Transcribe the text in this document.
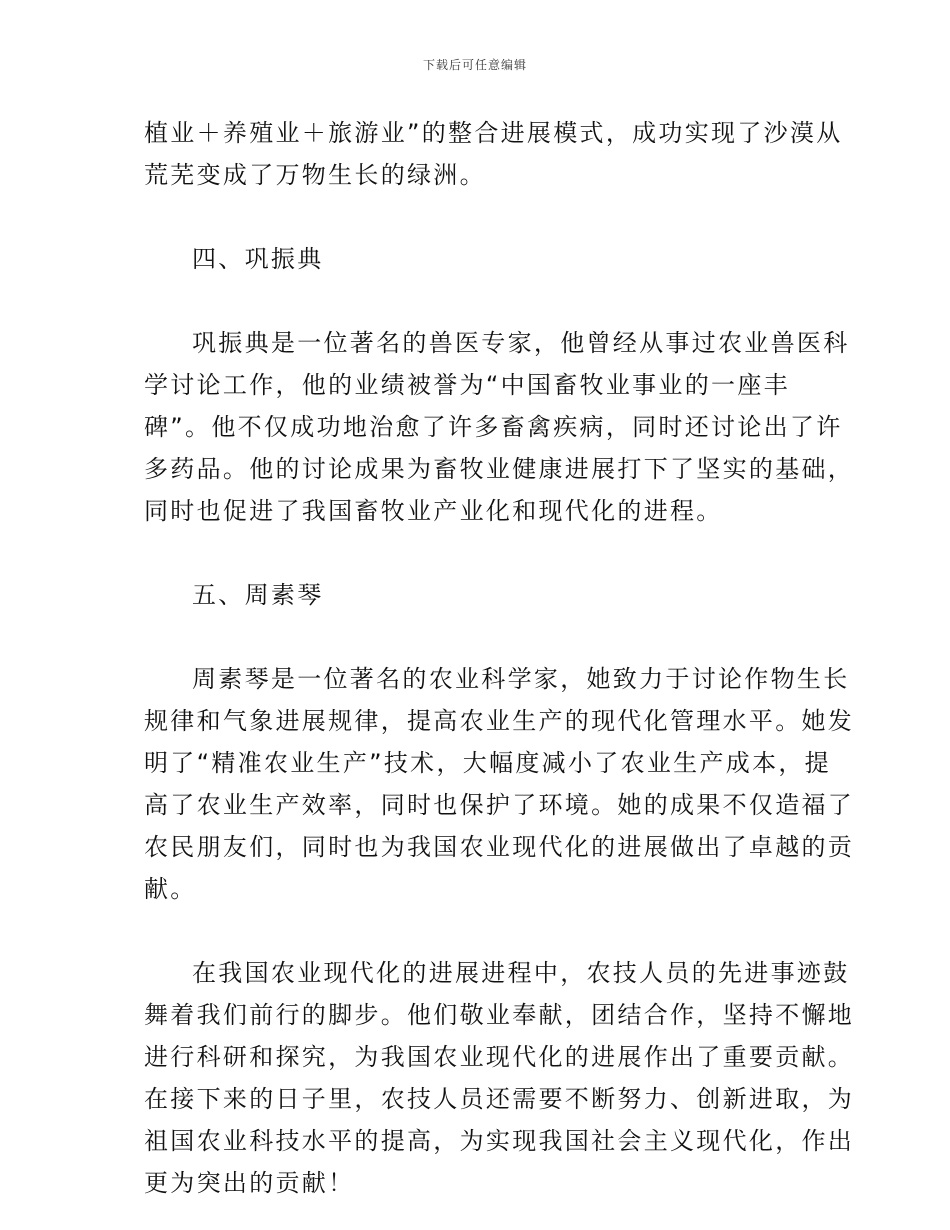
下载后可任意编辑
植业＋养殖业＋旅游业”的整合进展模式，成功实现了沙漠从
荒芜变成了万物生长的绿洲。
四、巩振典
巩振典是一位著名的兽医专家，他曾经从事过农业兽医科
学讨论工作，他的业绩被誉为“中国畜牧业事业的一座丰
碑”。他不仅成功地治愈了许多畜禽疾病，同时还讨论出了许
多药品。他的讨论成果为畜牧业健康进展打下了坚实的基础，
同时也促进了我国畜牧业产业化和现代化的进程。
五、周素琴
周素琴是一位著名的农业科学家，她致力于讨论作物生长
规律和气象进展规律，提高农业生产的现代化管理水平。她发
明了“精准农业生产”技术，大幅度减小了农业生产成本，提
高了农业生产效率，同时也保护了环境。她的成果不仅造福了
农民朋友们，同时也为我国农业现代化的进展做出了卓越的贡
献。
在我国农业现代化的进展进程中，农技人员的先进事迹鼓
舞着我们前行的脚步。他们敬业奉献，团结合作，坚持不懈地
进行科研和探究，为我国农业现代化的进展作出了重要贡献。
在接下来的日子里，农技人员还需要不断努力、创新进取，为
祖国农业科技水平的提高，为实现我国社会主义现代化，作出
更为突出的贡献！
